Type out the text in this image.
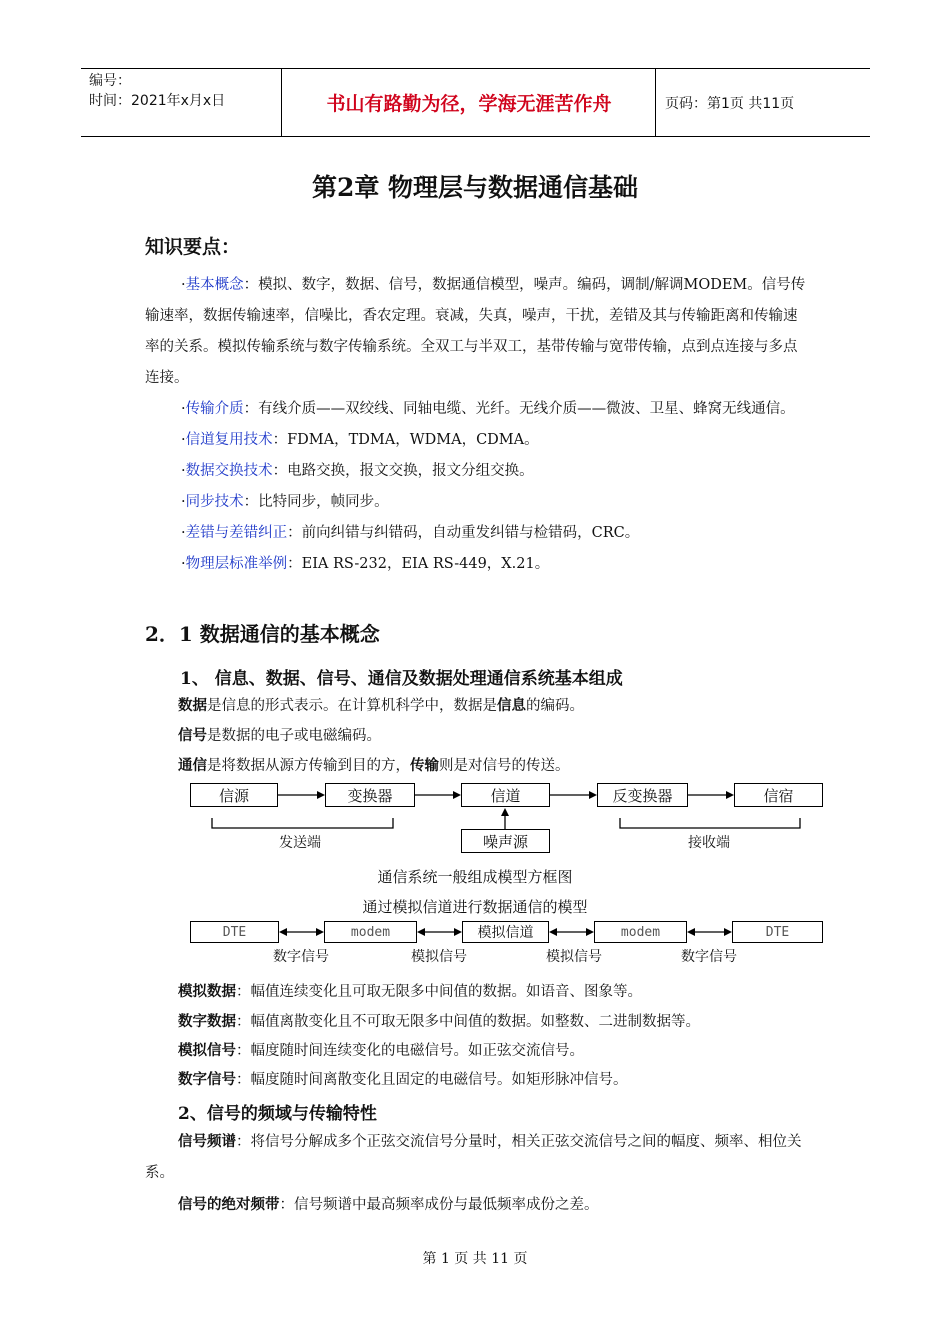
编号：
时间：2021年x月x日	书山有路勤为径，学海无涯苦作舟	页码：第1页 共11页
第2章 物理层与数据通信基础
知识要点：
·基本概念：模拟、数字，数据、信号，数据通信模型，噪声。编码，调制/解调MODEM。信号传输速率，数据传输速率，信噪比，香农定理。衰减，失真，噪声，干扰，差错及其与传输距离和传输速率的关系。模拟传输系统与数字传输系统。全双工与半双工，基带传输与宽带传输，点到点连接与多点连接。
·传输介质：有线介质——双绞线、同轴电缆、光纤。无线介质——微波、卫星、蜂窝无线通信。
·信道复用技术：FDMA，TDMA，WDMA，CDMA。
·数据交换技术：电路交换，报文交换，报文分组交换。
·同步技术：比特同步，帧同步。
·差错与差错纠正：前向纠错与纠错码，自动重发纠错与检错码，CRC。
·物理层标准举例：EIA RS-232，EIA RS-449，X.21。
2．1 数据通信的基本概念
1、 信息、数据、信号、通信及数据处理通信系统基本组成
数据是信息的形式表示。在计算机科学中，数据是信息的编码。
信号是数据的电子或电磁编码。
通信是将数据从源方传输到目的方，传输则是对信号的传送。
信源	变换器	信道	反变换器	信宿
噪声源
发送端	接收端
通信系统一般组成模型方框图
通过模拟信道进行数据通信的模型
DTE	modem	模拟信道	modem	DTE
数字信号	模拟信号	模拟信号	数字信号
模拟数据：幅值连续变化且可取无限多中间值的数据。如语音、图象等。
数字数据：幅值离散变化且不可取无限多中间值的数据。如整数、二进制数据等。
模拟信号：幅度随时间连续变化的电磁信号。如正弦交流信号。
数字信号：幅度随时间离散变化且固定的电磁信号。如矩形脉冲信号。
2、信号的频域与传输特性
信号频谱：将信号分解成多个正弦交流信号分量时，相关正弦交流信号之间的幅度、频率、相位关系。
信号的绝对频带：信号频谱中最高频率成份与最低频率成份之差。
第 1 页 共 11 页
